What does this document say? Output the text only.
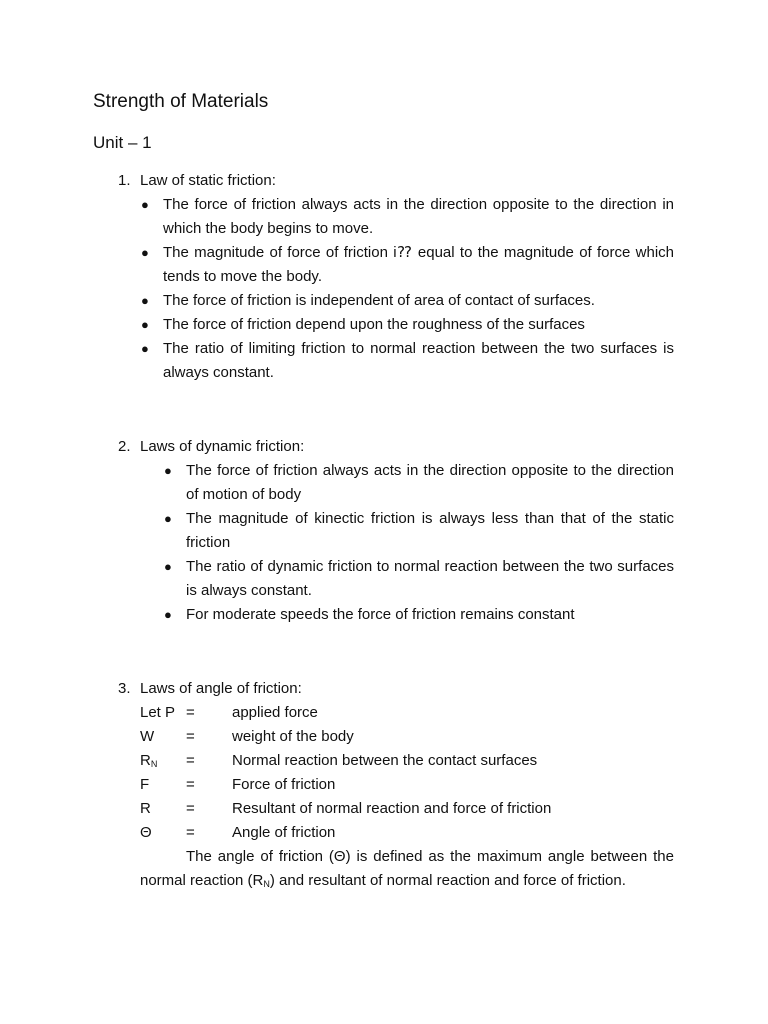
Strength of Materials
Unit – 1
1. Law of static friction:
● The force of friction always acts in the direction opposite to the direction in which the body begins to move.
● The magnitude of force of friction i⁇ equal to the magnitude of force which tends to move the body.
● The force of friction is independent of area of contact of surfaces.
● The force of friction depend upon the roughness of the surfaces
● The ratio of limiting friction to normal reaction between the two surfaces is always constant.
2. Laws of dynamic friction:
● The force of friction always acts in the direction opposite to the direction of motion of body
● The magnitude of kinectic friction is always less than that of the static friction
● The ratio of dynamic friction to normal reaction between the two surfaces is always constant.
● For moderate speeds the force of friction remains constant
3. Laws of angle of friction:
Let P = applied force
W = weight of the body
$R_N$ = Normal reaction between the contact surfaces
F = Force of friction
R = Resultant of normal reaction and force of friction
Θ = Angle of friction
The angle of friction (Θ) is defined as the maximum angle between the normal reaction $(R_N)$ and resultant of normal reaction and force of friction.
